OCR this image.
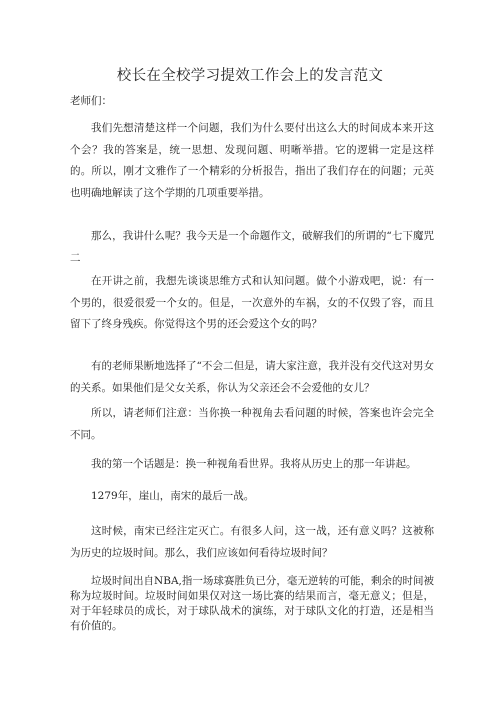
校长在全校学习提效工作会上的发言范文

老师们：

我们先想清楚这样一个问题，我们为什么要付出这么大的时间成本来开这个会？我的答案是，统一思想、发现问题、明晰举措。它的逻辑一定是这样的。所以，刚才文雅作了一个精彩的分析报告，指出了我们存在的问题；元英也明确地解读了这个学期的几项重要举措。

那么，我讲什么呢？我今天是一个命题作文，破解我们的所谓的“七下魔咒二

在开讲之前，我想先谈谈思维方式和认知问题。做个小游戏吧，说：有一个男的，很爱很爱一个女的。但是，一次意外的车祸，女的不仅毁了容，而且留下了终身残疾。你觉得这个男的还会爱这个女的吗？

有的老师果断地选择了“不会二但是，请大家注意，我并没有交代这对男女的关系。如果他们是父女关系，你认为父亲还会不会爱他的女儿？

所以，请老师们注意：当你换一种视角去看问题的时候，答案也许会完全不同。

我的第一个话题是：换一种视角看世界。我将从历史上的那一年讲起。

1279年，崖山，南宋的最后一战。

这时候，南宋已经注定灭亡。有很多人问，这一战，还有意义吗？这被称为历史的垃圾时间。那么，我们应该如何看待垃圾时间？

垃圾时间出自NBA,指一场球赛胜负已分，毫无逆转的可能，剩余的时间被称为垃圾时间。垃圾时间如果仅对这一场比赛的结果而言，毫无意义；但是，对于年轻球员的成长，对于球队战术的演练，对于球队文化的打造，还是相当有价值的。
